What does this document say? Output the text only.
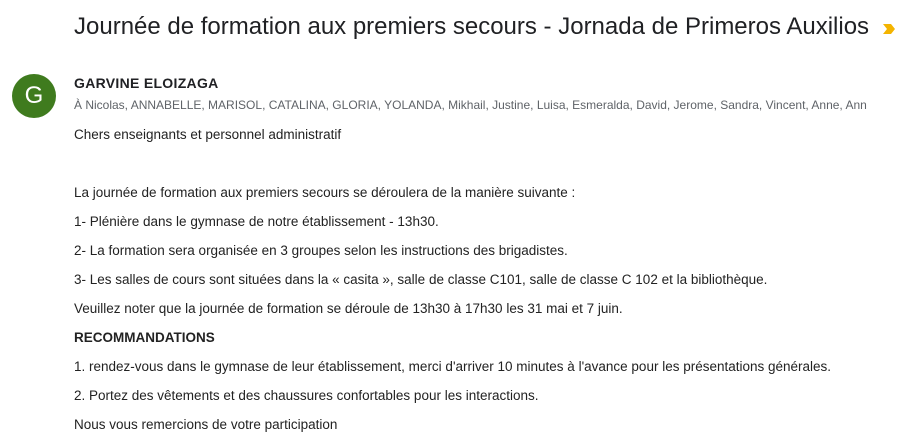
Journée de formation aux premiers secours - Jornada de Primeros Auxilios
G GARVINE ELOIZAGA
À Nicolas, ANNABELLE, MARISOL, CATALINA, GLORIA, YOLANDA, Mikhail, Justine, Luisa, Esmeralda, David, Jerome, Sandra, Vincent, Anne, Ann
Chers enseignants et personnel administratif
La journée de formation aux premiers secours se déroulera de la manière suivante :
1- Plénière dans le gymnase de notre établissement - 13h30.
2- La formation sera organisée en 3 groupes selon les instructions des brigadistes.
3- Les salles de cours sont situées dans la « casita », salle de classe C101, salle de classe C 102 et la bibliothèque.
Veuillez noter que la journée de formation se déroule de 13h30 à 17h30 les 31 mai et 7 juin.
RECOMMANDATIONS
1. rendez-vous dans le gymnase de leur établissement, merci d'arriver 10 minutes à l'avance pour les présentations générales.
2. Portez des vêtements et des chaussures confortables pour les interactions.
Nous vous remercions de votre participation
